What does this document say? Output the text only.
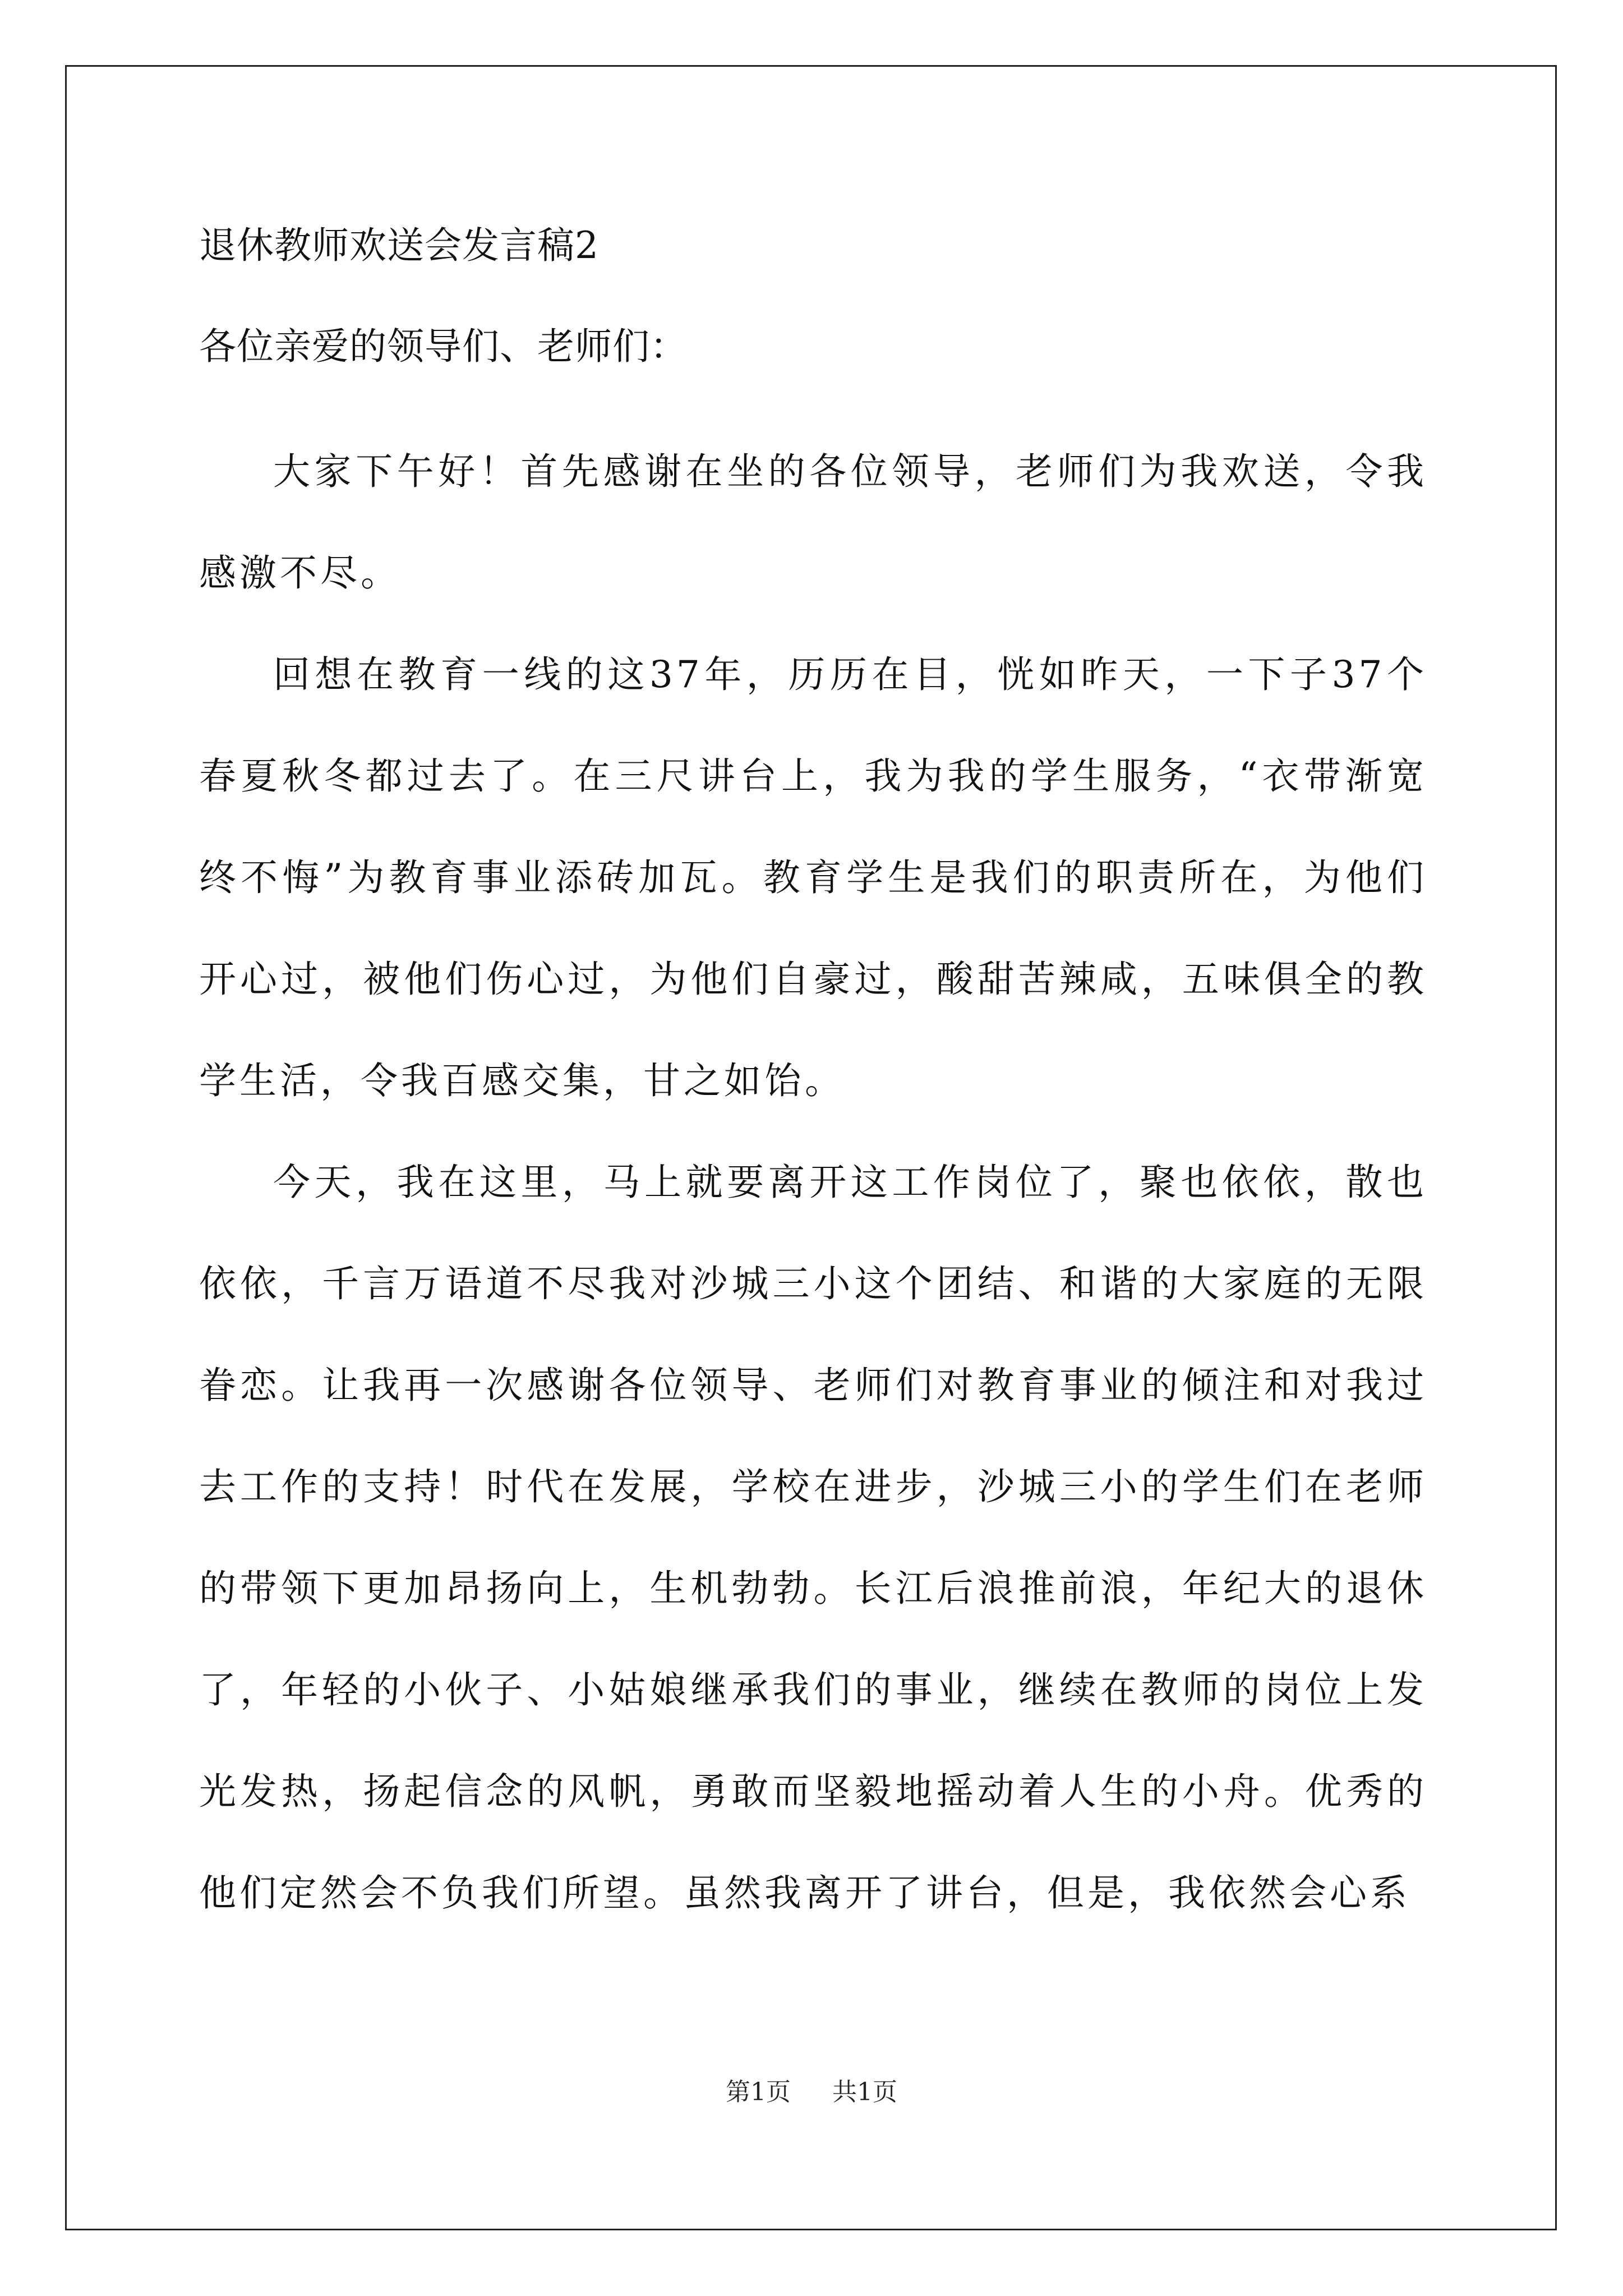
退休教师欢送会发言稿2
各位亲爱的领导们、老师们：

大家下午好！首先感谢在坐的各位领导，老师们为我欢送，令我感激不尽。

回想在教育一线的这37年，历历在目，恍如昨天，一下子37个春夏秋冬都过去了。在三尺讲台上，我为我的学生服务，“衣带渐宽终不悔”为教育事业添砖加瓦。教育学生是我们的职责所在，为他们开心过，被他们伤心过，为他们自豪过，酸甜苦辣咸，五味俱全的教学生活，令我百感交集，甘之如饴。

今天，我在这里，马上就要离开这工作岗位了，聚也依依，散也依依，千言万语道不尽我对沙城三小这个团结、和谐的大家庭的无限眷恋。让我再一次感谢各位领导、老师们对教育事业的倾注和对我过去工作的支持！时代在发展，学校在进步，沙城三小的学生们在老师的带领下更加昂扬向上，生机勃勃。长江后浪推前浪，年纪大的退休了，年轻的小伙子、小姑娘继承我们的事业，继续在教师的岗位上发光发热，扬起信念的风帆，勇敢而坚毅地摇动着人生的小舟。优秀的他们定然会不负我们所望。虽然我离开了讲台，但是，我依然会心系

第1页 共1页
